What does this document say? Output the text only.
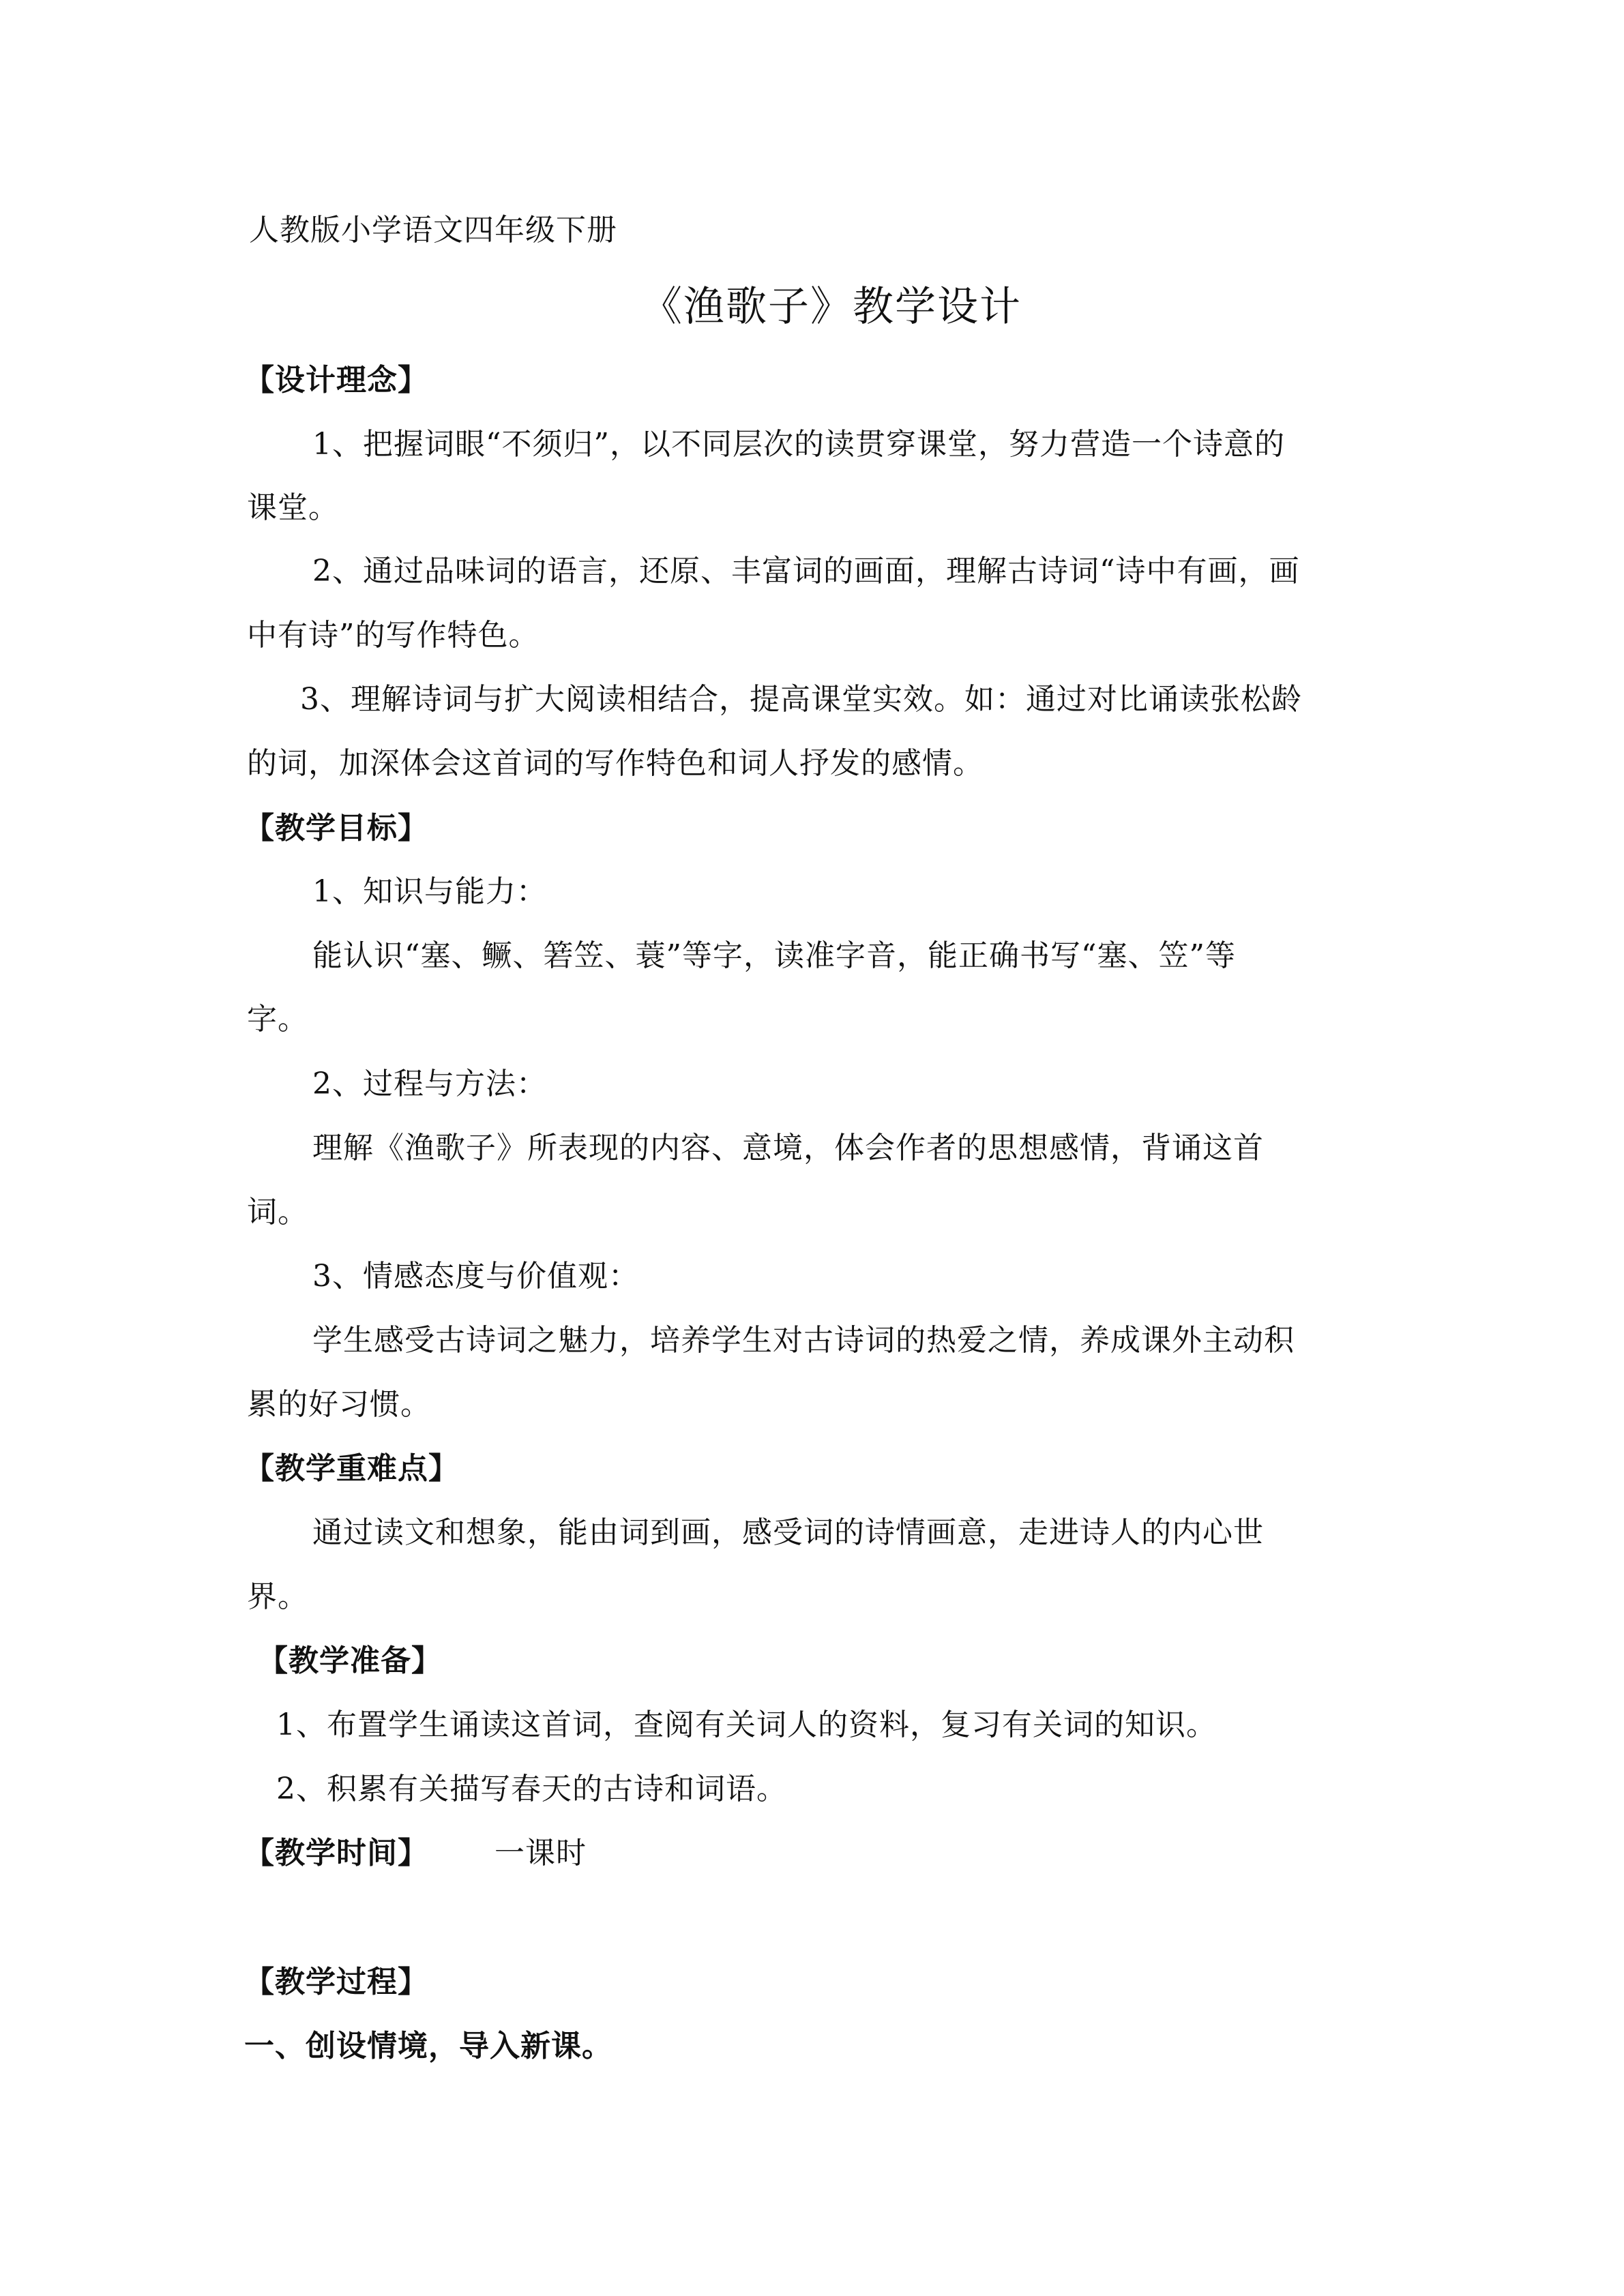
人教版小学语文四年级下册
《渔歌子》教学设计
【设计理念】
1、把握词眼“不须归”，以不同层次的读贯穿课堂，努力营造一个诗意的
课堂。
2、通过品味词的语言，还原、丰富词的画面，理解古诗词“诗中有画，画
中有诗”的写作特色。
3、理解诗词与扩大阅读相结合，提高课堂实效。如：通过对比诵读张松龄
的词，加深体会这首词的写作特色和词人抒发的感情。
【教学目标】
1、知识与能力：
能认识“塞、鳜、箬笠、蓑”等字，读准字音，能正确书写“塞、笠”等
字。
2、过程与方法：
理解《渔歌子》所表现的内容、意境，体会作者的思想感情，背诵这首
词。
3、情感态度与价值观：
学生感受古诗词之魅力，培养学生对古诗词的热爱之情，养成课外主动积
累的好习惯。
【教学重难点】
通过读文和想象，能由词到画，感受词的诗情画意，走进诗人的内心世
界。
【教学准备】
1、布置学生诵读这首词，查阅有关词人的资料，复习有关词的知识。
2、积累有关描写春天的古诗和词语。
【教学时间】 一课时
【教学过程】
一、创设情境，导入新课。
